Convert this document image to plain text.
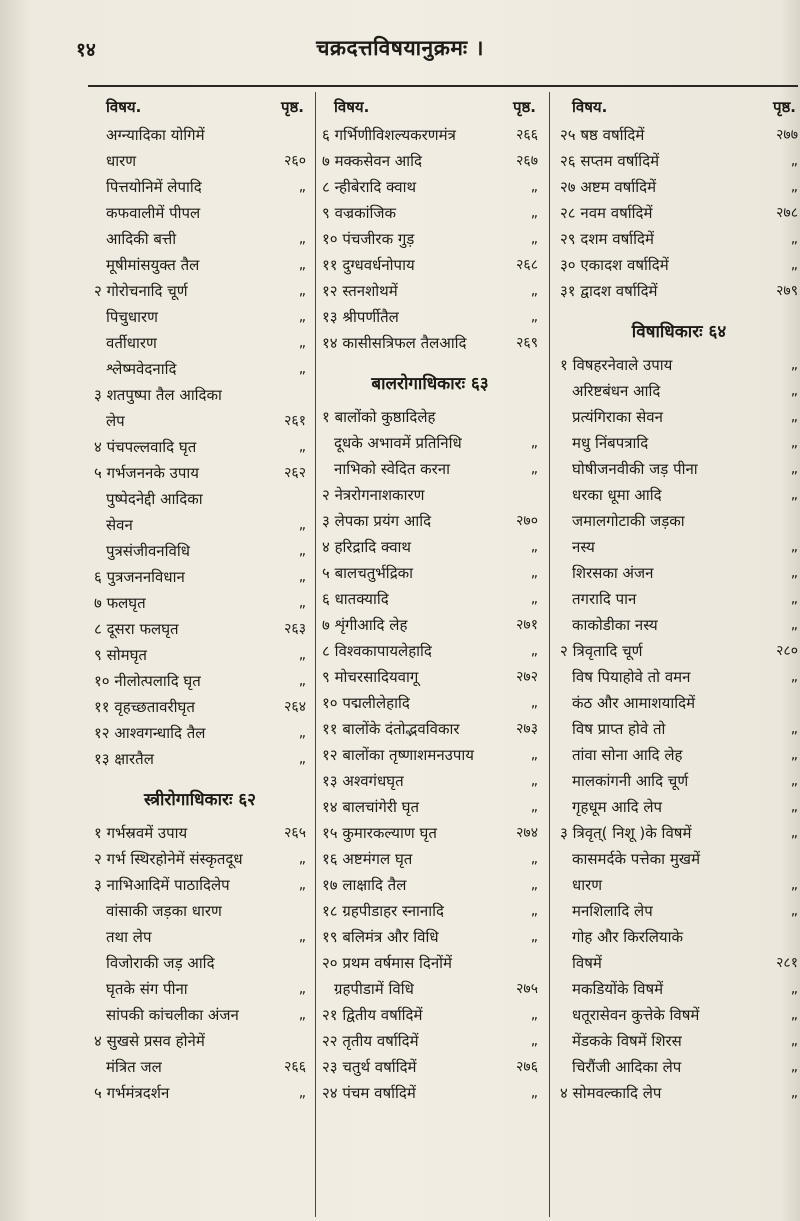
१४	चक्रदत्तविषयानुक्रमः ।
विषय.	पृष्ठ.
अग्न्यादिका योगिमें
धारण	२६०
पित्तयोनिमें लेपादि	„
कफवालीमें पीपल
आदिकी बत्ती	„
मूषीमांसयुक्त तैल	„
२ गोरोचनादि चूर्ण	„
पिचुधारण	„
वर्तीधारण	„
श्लेष्मवेदनादि	„
३ शतपुष्पा तैल आदिका
लेप	२६१
४ पंचपल्लवादि घृत	„
५ गर्भजननके उपाय	२६२
पुष्पेदनेद्दी आदिका
सेवन	„
पुत्रसंजीवनविधि	„
६ पुत्रजननविधान	„
७ फलघृत	„
८ दूसरा फलघृत	२६३
९ सोमघृत	„
१० नीलोत्पलादि घृत	„
११ वृहच्छतावरीघृत	२६४
१२ आश्वगन्धादि तैल	„
१३ क्षारतैल	„
स्त्रीरोगाधिकारः ६२
१ गर्भस्रवमें उपाय	२६५
२ गर्भ स्थिरहोनेमें संस्कृतदूध	„
३ नाभिआदिमें पाठादिलेप	„
वांसाकी जड़का धारण
तथा लेप	„
विजोराकी जड़ आदि
घृतके संग पीना	„
सांपकी कांचलीका अंजन	„
४ सुखसे प्रसव होनेमें
मंत्रित जल	२६६
५ गर्भमंत्रदर्शन	„
विषय.	पृष्ठ.
६ गर्भिणीविशल्यकरणमंत्र	२६६
७ मक्कसेवन आदि	२६७
८ न्हीबेरादि क्वाथ	„
९ वज्रकांजिक	„
१० पंचजीरक गुड़	„
११ दुग्धवर्धनोपाय	२६८
१२ स्तनशोथमें	„
१३ श्रीपर्णीतैल	„
१४ कासीसत्रिफल तैलआदि	२६९
बालरोगाधिकारः ६३
१ बालोंको कुष्ठादिलेह
दूधके अभावमें प्रतिनिधि	„
नाभिको स्वेदित करना	„
२ नेत्ररोगनाशकारण
३ लेपका प्रयंग आदि	२७०
४ हरिद्रादि क्वाथ	„
५ बालचतुर्भद्रिका	„
६ धातक्यादि	„
७ शृंगीआदि लेह	२७१
८ विश्वकापायलेहादि	„
९ मोचरसादियवागू	२७२
१० पद्मलीलेहादि	„
११ बालोंके दंतोद्भवविकार	२७३
१२ बालोंका तृष्णाशमनउपाय	„
१३ अश्वगंधघृत	„
१४ बालचांगेरी घृत	„
१५ कुमारकल्याण घृत	२७४
१६ अष्टमंगल घृत	„
१७ लाक्षादि तैल	„
१८ ग्रहपीडाहर स्नानादि	„
१९ बलिमंत्र और विधि	„
२० प्रथम वर्षमास दिनोंमें
ग्रहपीडामें विधि	२७५
२१ द्वितीय वर्षादिमें	„
२२ तृतीय वर्षादिमें	„
२३ चतुर्थ वर्षादिमें	२७६
२४ पंचम वर्षादिमें	„
विषय.	पृष्ठ.
२५ षष्ठ वर्षादिमें	२७७
२६ सप्तम वर्षादिमें	„
२७ अष्टम वर्षादिमें	„
२८ नवम वर्षादिमें	२७८
२९ दशम वर्षादिमें	„
३० एकादश वर्षादिमें	„
३१ द्वादश वर्षादिमें	२७९
विषाधिकारः ६४
१ विषहरनेवाले उपाय	„
अरिष्टबंधन आदि	„
प्रत्यंगिराका सेवन	„
मधु निंबपत्रादि	„
घोषीजनवीकी जड़ पीना	„
धरका धूमा आदि	„
जमालगोटाकी जड़का
नस्य	„
शिरसका अंजन	„
तगरादि पान	„
काकोडीका नस्य	„
२ त्रिवृतादि चूर्ण	२८०
विष पियाहोवे तो वमन	„
कंठ और आमाशयादिमें
विष प्राप्त होवे तो	„
तांवा सोना आदि लेह	„
मालकांगनी आदि चूर्ण	„
गृहधूम आदि लेप	„
३ त्रिवृत्( निशू )के विषमें	„
कासमर्दके पत्तेका मुखमें
धारण	„
मनशिलादि लेप	„
गोह और किरलियाके
विषमें	२८१
मकडियोंके विषमें	„
धतूरासेवन कुत्तेके विषमें	„
मेंडकके विषमें शिरस	„
चिरौंजी आदिका लेप	„
४ सोमवल्कादि लेप	„
